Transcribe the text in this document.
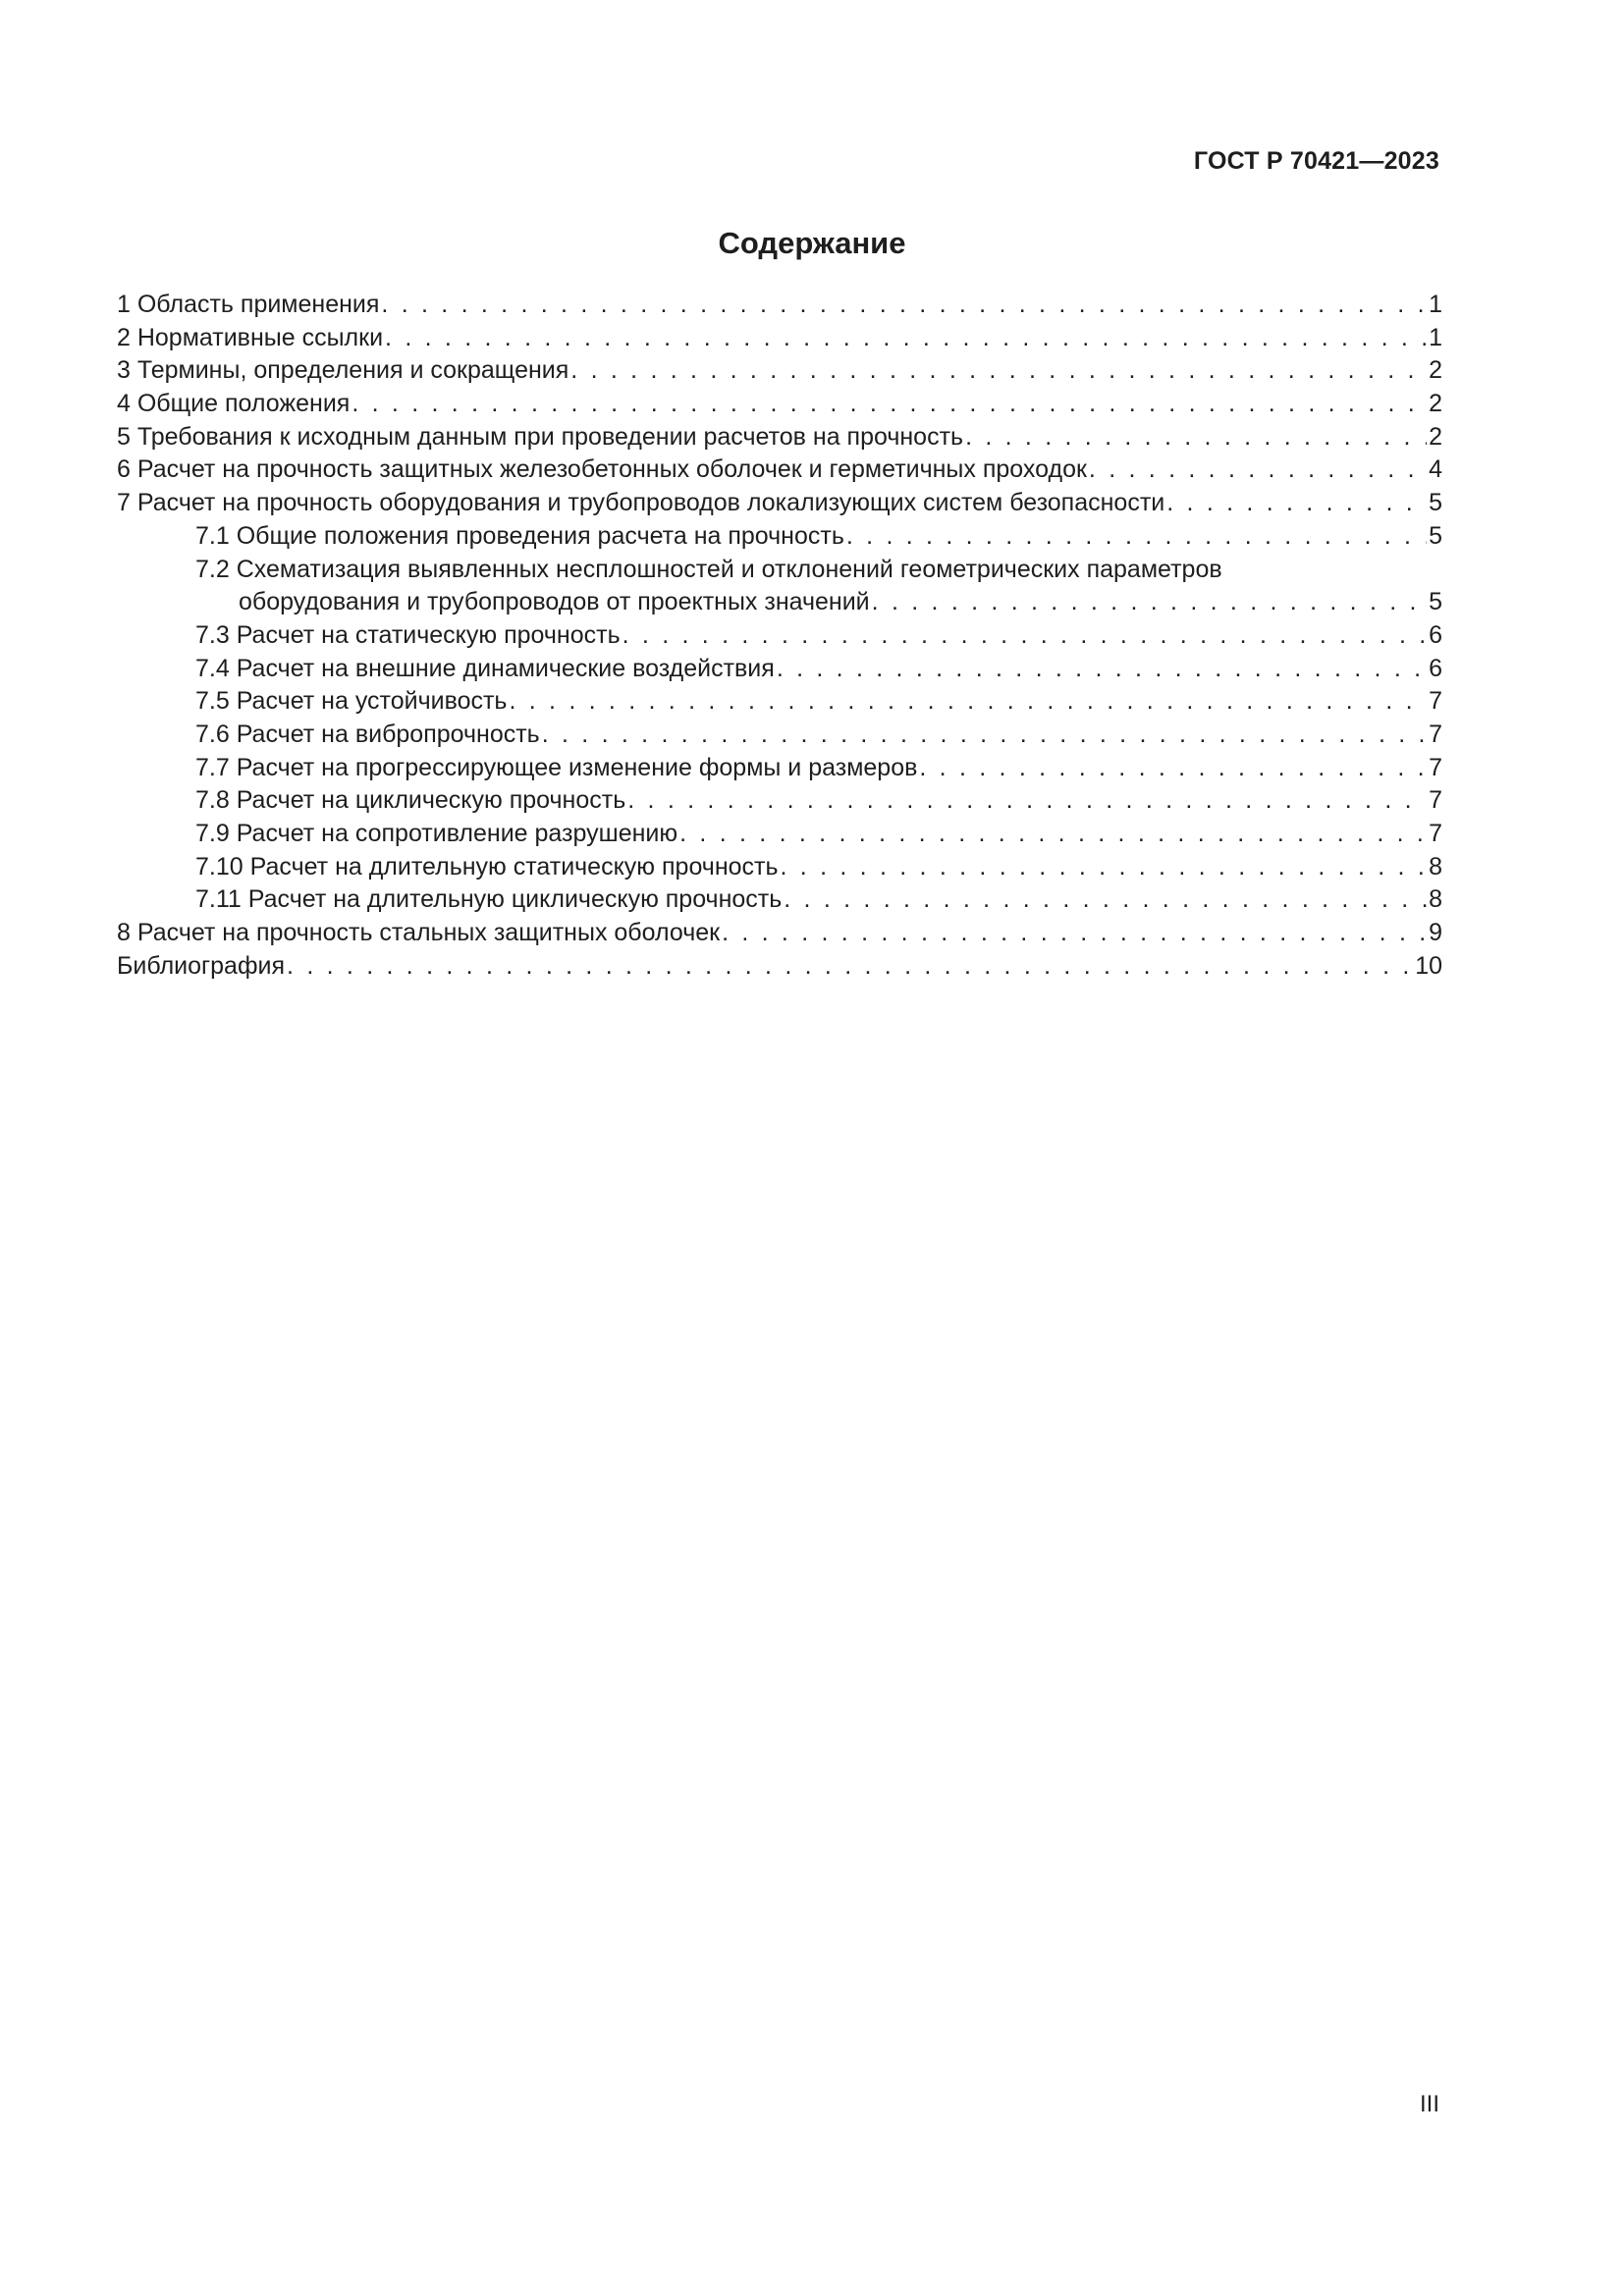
ГОСТ Р 70421—2023
Содержание
1 Область применения . . .	1
2 Нормативные ссылки . . .	1
3 Термины, определения и сокращения . . .	2
4 Общие положения . . .	2
5 Требования к исходным данным при проведении расчетов на прочность . . .	2
6 Расчет на прочность защитных железобетонных оболочек и герметичных проходок . . .	4
7 Расчет на прочность оборудования и трубопроводов локализующих систем безопасности . . .	5
7.1 Общие положения проведения расчета на прочность . . .	5
7.2 Схематизация выявленных несплошностей и отклонений геометрических параметров
оборудования и трубопроводов от проектных значений . . .	5
7.3 Расчет на статическую прочность . . .	6
7.4 Расчет на внешние динамические воздействия . . .	6
7.5 Расчет на устойчивость . . .	7
7.6 Расчет на вибропрочность . . .	7
7.7 Расчет на прогрессирующее изменение формы и размеров . . .	7
7.8 Расчет на циклическую прочность . . .	7
7.9 Расчет на сопротивление разрушению . . .	7
7.10 Расчет на длительную статическую прочность . . .	8
7.11 Расчет на длительную циклическую прочность . . .	8
8 Расчет на прочность стальных защитных оболочек . . .	9
Библиография . . .	10
III
